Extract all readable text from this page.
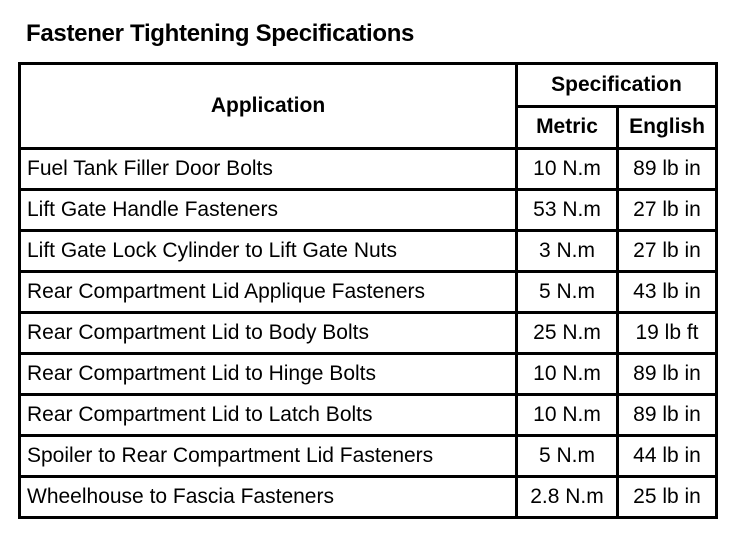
Fastener Tightening Specifications
Application	Specification	
	Metric	English
Fuel Tank Filler Door Bolts	10 N.m	89 lb in
Lift Gate Handle Fasteners	53 N.m	27 lb in
Lift Gate Lock Cylinder to Lift Gate Nuts	3 N.m	27 lb in
Rear Compartment Lid Applique Fasteners	5 N.m	43 lb in
Rear Compartment Lid to Body Bolts	25 N.m	19 lb ft
Rear Compartment Lid to Hinge Bolts	10 N.m	89 lb in
Rear Compartment Lid to Latch Bolts	10 N.m	89 lb in
Spoiler to Rear Compartment Lid Fasteners	5 N.m	44 lb in
Wheelhouse to Fascia Fasteners	2.8 N.m	25 lb in
